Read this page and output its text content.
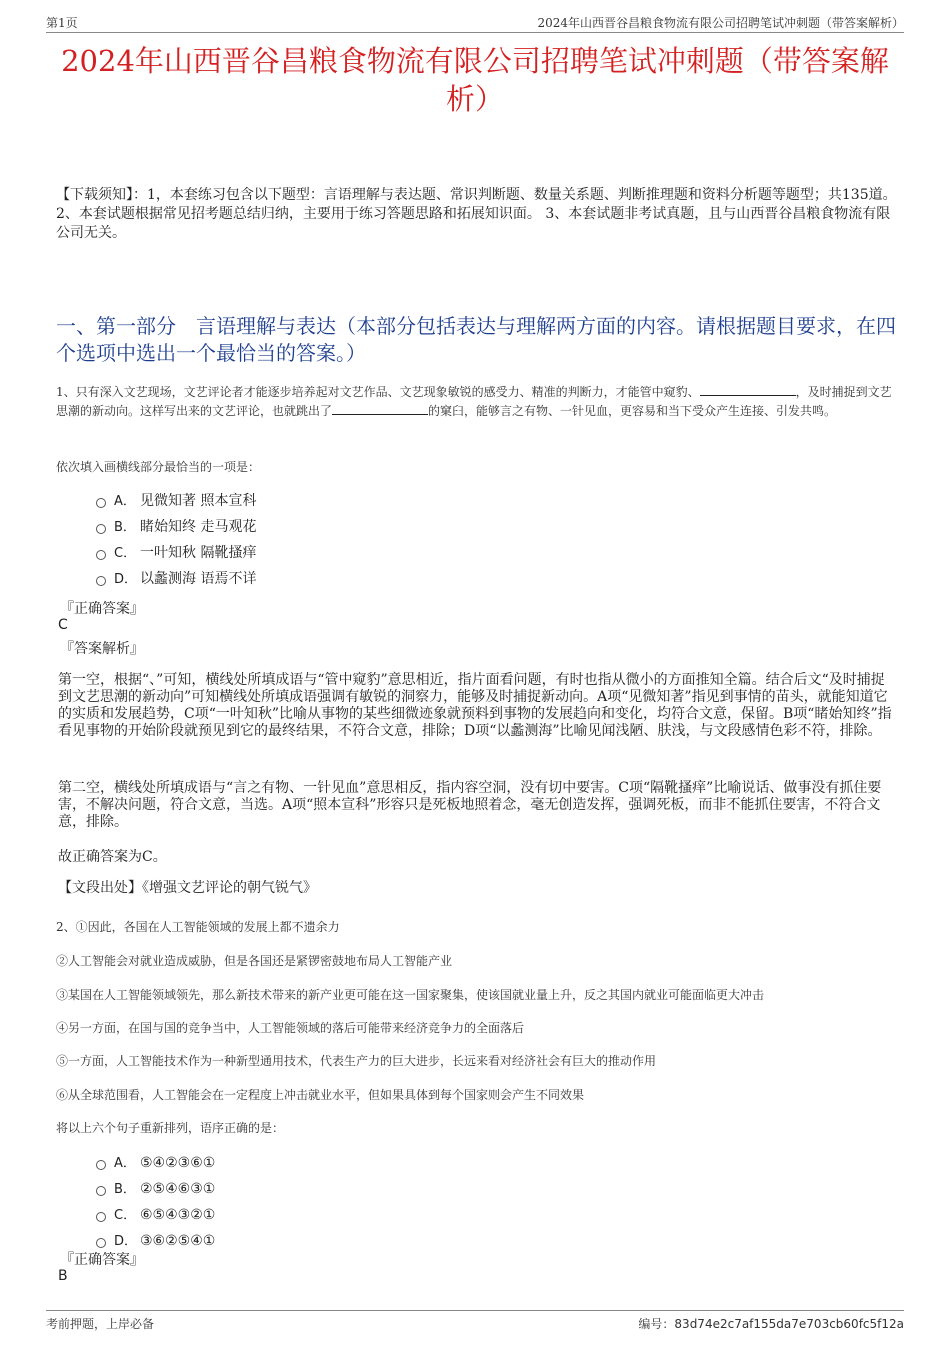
第1页	2024年山西晋谷昌粮食物流有限公司招聘笔试冲刺题（带答案解析）
2024年山西晋谷昌粮食物流有限公司招聘笔试冲刺题（带答案解析）
【下载须知】：1，本套练习包含以下题型：言语理解与表达题、常识判断题、数量关系题、判断推理题和资料分析题等题型；共135道。 2、本套试题根据常见招考题总结归纳，主要用于练习答题思路和拓展知识面。 3、本套试题非考试真题，且与山西晋谷昌粮食物流有限公司无关。
一、第一部分　言语理解与表达（本部分包括表达与理解两方面的内容。请根据题目要求，在四个选项中选出一个最恰当的答案。）
1、只有深入文艺现场，文艺评论者才能逐步培养起对文艺作品、文艺现象敏锐的感受力、精准的判断力，才能管中窥豹、	，及时捕捉到文艺思潮的新动向。这样写出来的文艺评论，也就跳出了	的窠臼，能够言之有物、一针见血，更容易和当下受众产生连接、引发共鸣。
依次填入画横线部分最恰当的一项是：
A． 见微知著 照本宣科
B． 睹始知终 走马观花
C． 一叶知秋 隔靴搔痒
D． 以蠡测海 语焉不详
『正确答案』
C
『答案解析』

第一空，根据“、”可知，横线处所填成语与“管中窥豹”意思相近，指片面看问题，有时也指从微小的方面推知全篇。结合后文“及时捕捉到文艺思潮的新动向”可知横线处所填成语强调有敏锐的洞察力，能够及时捕捉新动向。A项“见微知著”指见到事情的苗头，就能知道它的实质和发展趋势，C项“一叶知秋”比喻从事物的某些细微迹象就预料到事物的发展趋向和变化，均符合文意，保留。B项“睹始知终”指看见事物的开始阶段就预见到它的最终结果，不符合文意，排除；D项“以蠡测海”比喻见闻浅陋、肤浅，与文段感情色彩不符，排除。

第二空，横线处所填成语与“言之有物、一针见血”意思相反，指内容空洞，没有切中要害。C项“隔靴搔痒”比喻说话、做事没有抓住要害，不解决问题，符合文意，当选。A项“照本宣科”形容只是死板地照着念，毫无创造发挥，强调死板，而非不能抓住要害，不符合文意，排除。

故正确答案为C。

【文段出处】《增强文艺评论的朝气锐气》

2、①因此，各国在人工智能领域的发展上都不遗余力
②人工智能会对就业造成威胁，但是各国还是紧锣密鼓地布局人工智能产业
③某国在人工智能领域领先，那么新技术带来的新产业更可能在这一国家聚集，使该国就业量上升，反之其国内就业可能面临更大冲击
④另一方面，在国与国的竞争当中，人工智能领域的落后可能带来经济竞争力的全面落后
⑤一方面，人工智能技术作为一种新型通用技术，代表生产力的巨大进步，长远来看对经济社会有巨大的推动作用
⑥从全球范围看，人工智能会在一定程度上冲击就业水平，但如果具体到每个国家则会产生不同效果
将以上六个句子重新排列，语序正确的是：
A． ⑤④②③⑥①
B． ②⑤④⑥③①
C． ⑥⑤④③②①
D． ③⑥②⑤④①
『正确答案』
B
考前押题，上岸必备	编号：83d74e2c7af155da7e703cb60fc5f12a
